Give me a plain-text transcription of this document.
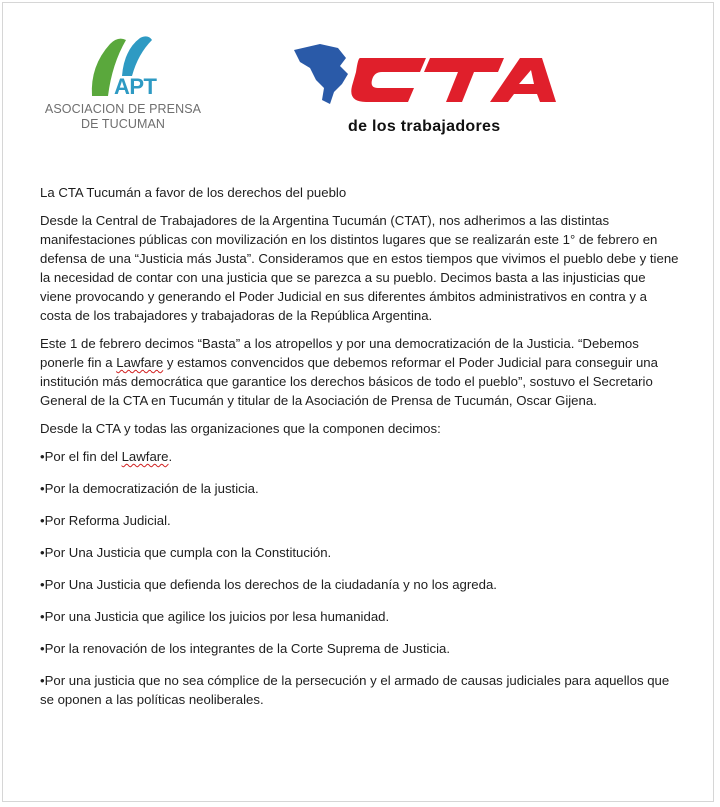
APT
ASOCIACION DE PRENSA
DE TUCUMAN	de los trabajadores

La CTA Tucumán a favor de los derechos del pueblo

Desde la Central de Trabajadores de la Argentina Tucumán (CTAT), nos adherimos a las distintas manifestaciones públicas con movilización en los distintos lugares que se realizarán este 1° de febrero en defensa de una “Justicia más Justa”. Consideramos que en estos tiempos que vivimos el pueblo debe y tiene la necesidad de contar con una justicia que se parezca a su pueblo. Decimos basta a las injusticias que viene provocando y generando el Poder Judicial en sus diferentes ámbitos administrativos en contra y a costa de los trabajadores y trabajadoras de la República Argentina.

Este 1 de febrero decimos “Basta” a los atropellos y por una democratización de la Justicia. “Debemos ponerle fin a Lawfare y estamos convencidos que debemos reformar el Poder Judicial para conseguir una institución más democrática que garantice los derechos básicos de todo el pueblo”, sostuvo el Secretario General de la CTA en Tucumán y titular de la Asociación de Prensa de Tucumán, Oscar Gijena.

Desde la CTA y todas las organizaciones que la componen decimos:

•Por el fin del Lawfare.

•Por la democratización de la justicia.

•Por Reforma Judicial.

•Por Una Justicia que cumpla con la Constitución.

•Por Una Justicia que defienda los derechos de la ciudadanía y no los agreda.

•Por una Justicia que agilice los juicios por lesa humanidad.

•Por la renovación de los integrantes de la Corte Suprema de Justicia.

•Por una justicia que no sea cómplice de la persecución y el armado de causas judiciales para aquellos que se oponen a las políticas neoliberales.
